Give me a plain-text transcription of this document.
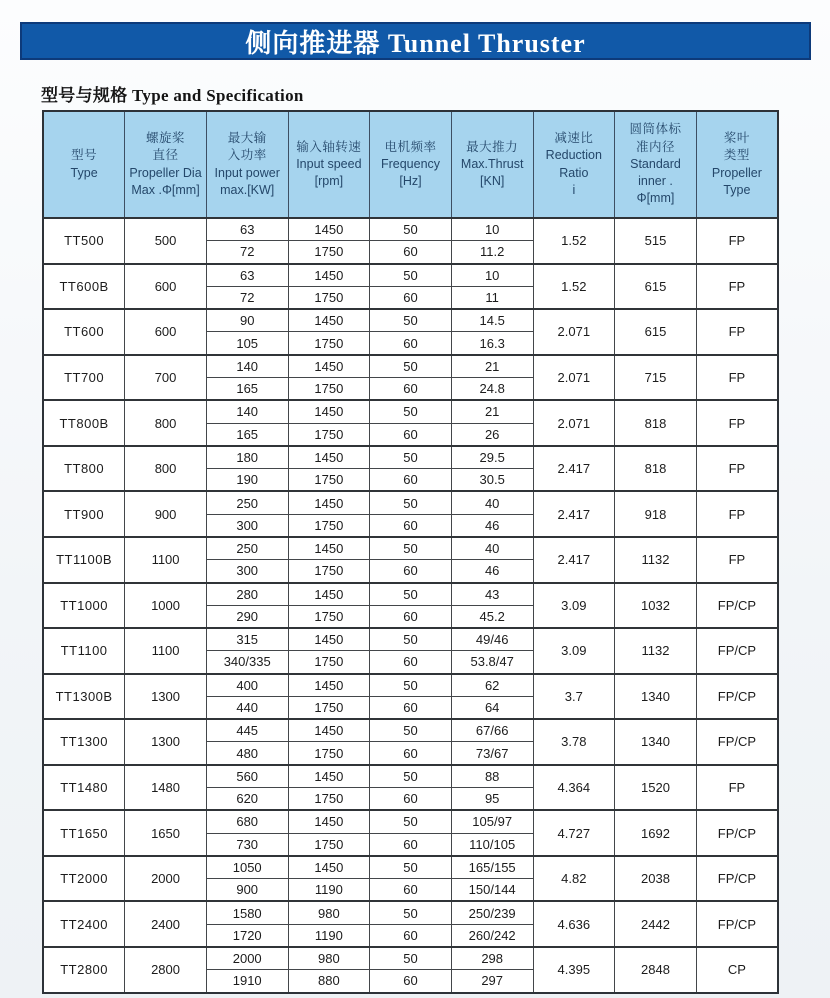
侧向推进器 Tunnel Thruster
型号与规格 Type and Specification
型号
Type

螺旋桨
直径
Propeller Dia
Max .Φ[mm]

最大输
入功率
Input power
max.[KW]

输入轴转速
Input speed
[rpm]

电机频率
Frequency
[Hz]

最大推力
Max.Thrust
[KN]

减速比
Reduction
Ratio
i

圆筒体标
准内径
Standard
inner .
Φ[mm]

桨叶
类型
Propeller
Type

TT500	500	63	1450	50	10	1.52	515	FP
		72	1750	60	11.2			
TT600B	600	63	1450	50	10	1.52	615	FP
		72	1750	60	11			
TT600	600	90	1450	50	14.5	2.071	615	FP
		105	1750	60	16.3			
TT700	700	140	1450	50	21	2.071	715	FP
		165	1750	60	24.8			
TT800B	800	140	1450	50	21	2.071	818	FP
		165	1750	60	26			
TT800	800	180	1450	50	29.5	2.417	818	FP
		190	1750	60	30.5			
TT900	900	250	1450	50	40	2.417	918	FP
		300	1750	60	46			
TT1100B	1100	250	1450	50	40	2.417	1132	FP
		300	1750	60	46			
TT1000	1000	280	1450	50	43	3.09	1032	FP/CP
		290	1750	60	45.2			
TT1100	1100	315	1450	50	49/46	3.09	1132	FP/CP
		340/335	1750	60	53.8/47			
TT1300B	1300	400	1450	50	62	3.7	1340	FP/CP
		440	1750	60	64			
TT1300	1300	445	1450	50	67/66	3.78	1340	FP/CP
		480	1750	60	73/67			
TT1480	1480	560	1450	50	88	4.364	1520	FP
		620	1750	60	95			
TT1650	1650	680	1450	50	105/97	4.727	1692	FP/CP
		730	1750	60	110/105			
TT2000	2000	1050	1450	50	165/155	4.82	2038	FP/CP
		900	1190	60	150/144			
TT2400	2400	1580	980	50	250/239	4.636	2442	FP/CP
		1720	1190	60	260/242			
TT2800	2800	2000	980	50	298	4.395	2848	CP
		1910	880	60	297			
